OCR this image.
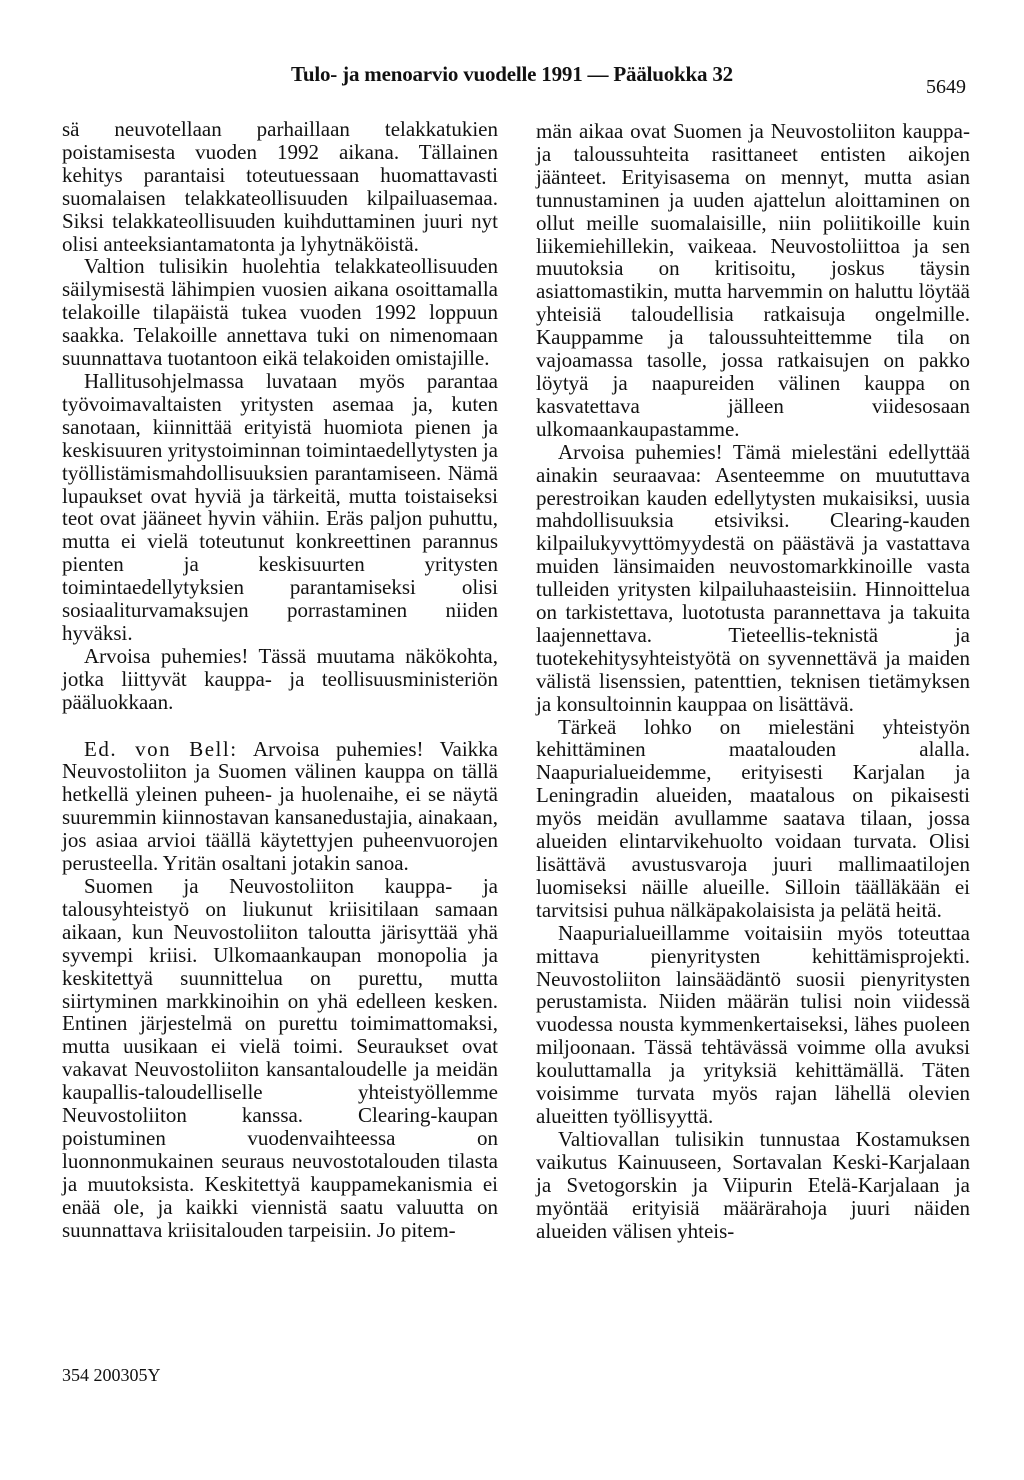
Tulo- ja menoarvio vuodelle 1991 — Pääluokka 32
5649

sä neuvotellaan parhaillaan telakkatukien poistamisesta vuoden 1992 aikana. Tällainen kehitys parantaisi toteutuessaan huomattavasti suomalaisen telakkateollisuuden kilpailuasemaa. Siksi telakkateollisuuden kuihduttaminen juuri nyt olisi anteeksiantamatonta ja lyhytnäköistä.

Valtion tulisikin huolehtia telakkateollisuuden säilymisestä lähimpien vuosien aikana osoittamalla telakoille tilapäistä tukea vuoden 1992 loppuun saakka. Telakoille annettava tuki on nimenomaan suunnattava tuotantoon eikä telakoiden omistajille.

Hallitusohjelmassa luvataan myös parantaa työvoimavaltaisten yritysten asemaa ja, kuten sanotaan, kiinnittää erityistä huomiota pienen ja keskisuuren yritystoiminnan toimintaedellytysten ja työllistämismahdollisuuksien parantamiseen. Nämä lupaukset ovat hyviä ja tärkeitä, mutta toistaiseksi teot ovat jääneet hyvin vähiin. Eräs paljon puhuttu, mutta ei vielä toteutunut konkreettinen parannus pienten ja keskisuurten yritysten toimintaedellytyksien parantamiseksi olisi sosiaaliturvamaksujen porrastaminen niiden hyväksi.

Arvoisa puhemies! Tässä muutama näkökohta, jotka liittyvät kauppa- ja teollisuusministeriön pääluokkaan.

Ed. von Bell: Arvoisa puhemies! Vaikka Neuvostoliiton ja Suomen välinen kauppa on tällä hetkellä yleinen puheen- ja huolenaihe, ei se näytä suuremmin kiinnostavan kansanedustajia, ainakaan, jos asiaa arvioi täällä käytettyjen puheenvuorojen perusteella. Yritän osaltani jotakin sanoa.

Suomen ja Neuvostoliiton kauppa- ja talousyhteistyö on liukunut kriisitilaan samaan aikaan, kun Neuvostoliiton taloutta järisyttää yhä syvempi kriisi. Ulkomaankaupan monopolia ja keskitettyä suunnittelua on purettu, mutta siirtyminen markkinoihin on yhä edelleen kesken. Entinen järjestelmä on purettu toimimattomaksi, mutta uusikaan ei vielä toimi. Seuraukset ovat vakavat Neuvostoliiton kansantaloudelle ja meidän kaupallis-taloudelliselle yhteistyöllemme Neuvostoliiton kanssa. Clearing-kaupan poistuminen vuodenvaihteessa on luonnonmukainen seuraus neuvostotalouden tilasta ja muutoksista. Keskitettyä kauppamekanismia ei enää ole, ja kaikki viennistä saatu valuutta on suunnattava kriisitalouden tarpeisiin. Jo pitem-

män aikaa ovat Suomen ja Neuvostoliiton kauppa- ja taloussuhteita rasittaneet entisten aikojen jäänteet. Erityisasema on mennyt, mutta asian tunnustaminen ja uuden ajattelun aloittaminen on ollut meille suomalaisille, niin poliitikoille kuin liikemiehillekin, vaikeaa. Neuvostoliittoa ja sen muutoksia on kritisoitu, joskus täysin asiattomastikin, mutta harvemmin on haluttu löytää yhteisiä taloudellisia ratkaisuja ongelmille. Kauppamme ja taloussuhteittemme tila on vajoamassa tasolle, jossa ratkaisujen on pakko löytyä ja naapureiden välinen kauppa on kasvatettava jälleen viidesosaan ulkomaankaupastamme.

Arvoisa puhemies! Tämä mielestäni edellyttää ainakin seuraavaa: Asenteemme on muututtava perestroikan kauden edellytysten mukaisiksi, uusia mahdollisuuksia etsiviksi. Clearing-kauden kilpailukyvyttömyydestä on päästävä ja vastattava muiden länsimaiden neuvostomarkkinoille vasta tulleiden yritysten kilpailuhaasteisiin. Hinnoittelua on tarkistettava, luototusta parannettava ja takuita laajennettava. Tieteellis-teknistä ja tuotekehitysyhteistyötä on syvennettävä ja maiden välistä lisenssien, patenttien, teknisen tietämyksen ja konsultoinnin kauppaa on lisättävä.

Tärkeä lohko on mielestäni yhteistyön kehittäminen maatalouden alalla. Naapurialueidemme, erityisesti Karjalan ja Leningradin alueiden, maatalous on pikaisesti myös meidän avullamme saatava tilaan, jossa alueiden elintarvikehuolto voidaan turvata. Olisi lisättävä avustusvaroja juuri mallimaatilojen luomiseksi näille alueille. Silloin täälläkään ei tarvitsisi puhua nälkäpakolaisista ja pelätä heitä.

Naapurialueillamme voitaisiin myös toteuttaa mittava pienyritysten kehittämisprojekti. Neuvostoliiton lainsäädäntö suosii pienyritysten perustamista. Niiden määrän tulisi noin viidessä vuodessa nousta kymmenkertaiseksi, lähes puoleen miljoonaan. Tässä tehtävässä voimme olla avuksi kouluttamalla ja yrityksiä kehittämällä. Täten voisimme turvata myös rajan lähellä olevien alueitten työllisyyttä.

Valtiovallan tulisikin tunnustaa Kostamuksen vaikutus Kainuuseen, Sortavalan Keski-Karjalaan ja Svetogorskin ja Viipurin Etelä-Karjalaan ja myöntää erityisiä määrärahoja juuri näiden alueiden välisen yhteis-

354 200305Y
